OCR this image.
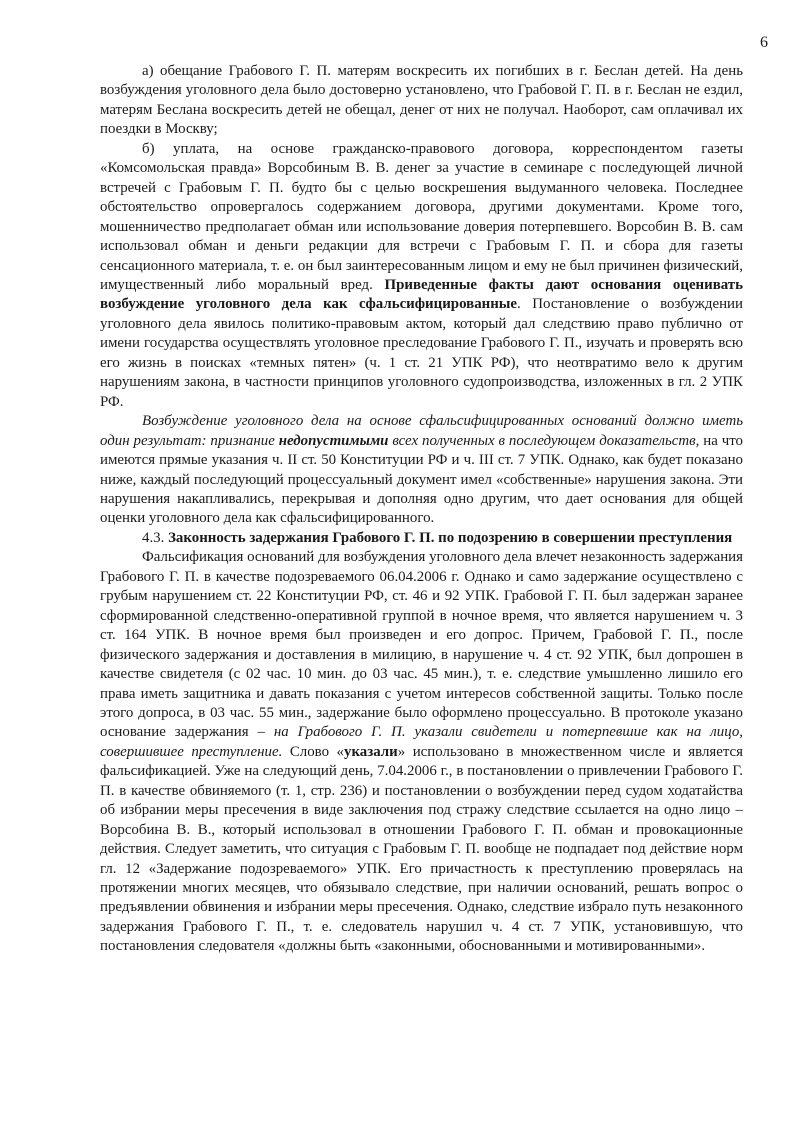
6

а) обещание Грабового Г. П. матерям воскресить их погибших в г. Беслан детей. На день возбуждения уголовного дела было достоверно установлено, что Грабовой Г. П. в г. Беслан не ездил, матерям Беслана воскресить детей не обещал, денег от них не получал. Наоборот, сам оплачивал их поездки в Москву;

б) уплата, на основе гражданско-правового договора, корреспондентом газеты «Комсомольская правда» Ворсобиным В. В. денег за участие в семинаре с последующей личной встречей с Грабовым Г. П. будто бы с целью воскрешения выдуманного человека. Последнее обстоятельство опровергалось содержанием договора, другими документами. Кроме того, мошенничество предполагает обман или использование доверия потерпевшего. Ворсобин В. В. сам использовал обман и деньги редакции для встречи с Грабовым Г. П. и сбора для газеты сенсационного материала, т. е. он был заинтересованным лицом и ему не был причинен физический, имущественный либо моральный вред. Приведенные факты дают основания оценивать возбуждение уголовного дела как сфальсифицированные. Постановление о возбуждении уголовного дела явилось политико-правовым актом, который дал следствию право публично от имени государства осуществлять уголовное преследование Грабового Г. П., изучать и проверять всю его жизнь в поисках «темных пятен» (ч. 1 ст. 21 УПК РФ), что неотвратимо вело к другим нарушениям закона, в частности принципов уголовного судопроизводства, изложенных в гл. 2 УПК РФ.

Возбуждение уголовного дела на основе сфальсифицированных оснований должно иметь один результат: признание недопустимыми всех полученных в последующем доказательств, на что имеются прямые указания ч. II ст. 50 Конституции РФ и ч. III ст. 7 УПК. Однако, как будет показано ниже, каждый последующий процессуальный документ имел «собственные» нарушения закона. Эти нарушения накапливались, перекрывая и дополняя одно другим, что дает основания для общей оценки уголовного дела как сфальсифицированного.

4.3. Законность задержания Грабового Г. П. по подозрению в совершении преступления

Фальсификация оснований для возбуждения уголовного дела влечет незаконность задержания Грабового Г. П. в качестве подозреваемого 06.04.2006 г. Однако и само задержание осуществлено с грубым нарушением ст. 22 Конституции РФ, ст. 46 и 92 УПК. Грабовой Г. П. был задержан заранее сформированной следственно-оперативной группой в ночное время, что является нарушением ч. 3 ст. 164 УПК. В ночное время был произведен и его допрос. Причем, Грабовой Г. П., после физического задержания и доставления в милицию, в нарушение ч. 4 ст. 92 УПК, был допрошен в качестве свидетеля (с 02 час. 10 мин. до 03 час. 45 мин.), т. е. следствие умышленно лишило его права иметь защитника и давать показания с учетом интересов собственной защиты. Только после этого допроса, в 03 час. 55 мин., задержание было оформлено процессуально. В протоколе указано основание задержания – на Грабового Г. П. указали свидетели и потерпевшие как на лицо, совершившее преступление. Слово «указали» использовано в множественном числе и является фальсификацией. Уже на следующий день, 7.04.2006 г., в постановлении о привлечении Грабового Г. П. в качестве обвиняемого (т. 1, стр. 236) и постановлении о возбуждении перед судом ходатайства об избрании меры пресечения в виде заключения под стражу следствие ссылается на одно лицо – Ворсобина В. В., который использовал в отношении Грабового Г. П. обман и провокационные действия. Следует заметить, что ситуация с Грабовым Г. П. вообще не подпадает под действие норм гл. 12 «Задержание подозреваемого» УПК. Его причастность к преступлению проверялась на протяжении многих месяцев, что обязывало следствие, при наличии оснований, решать вопрос о предъявлении обвинения и избрании меры пресечения. Однако, следствие избрало путь незаконного задержания Грабового Г. П., т. е. следователь нарушил ч. 4 ст. 7 УПК, установившую, что постановления следователя «должны быть «законными, обоснованными и мотивированными».
